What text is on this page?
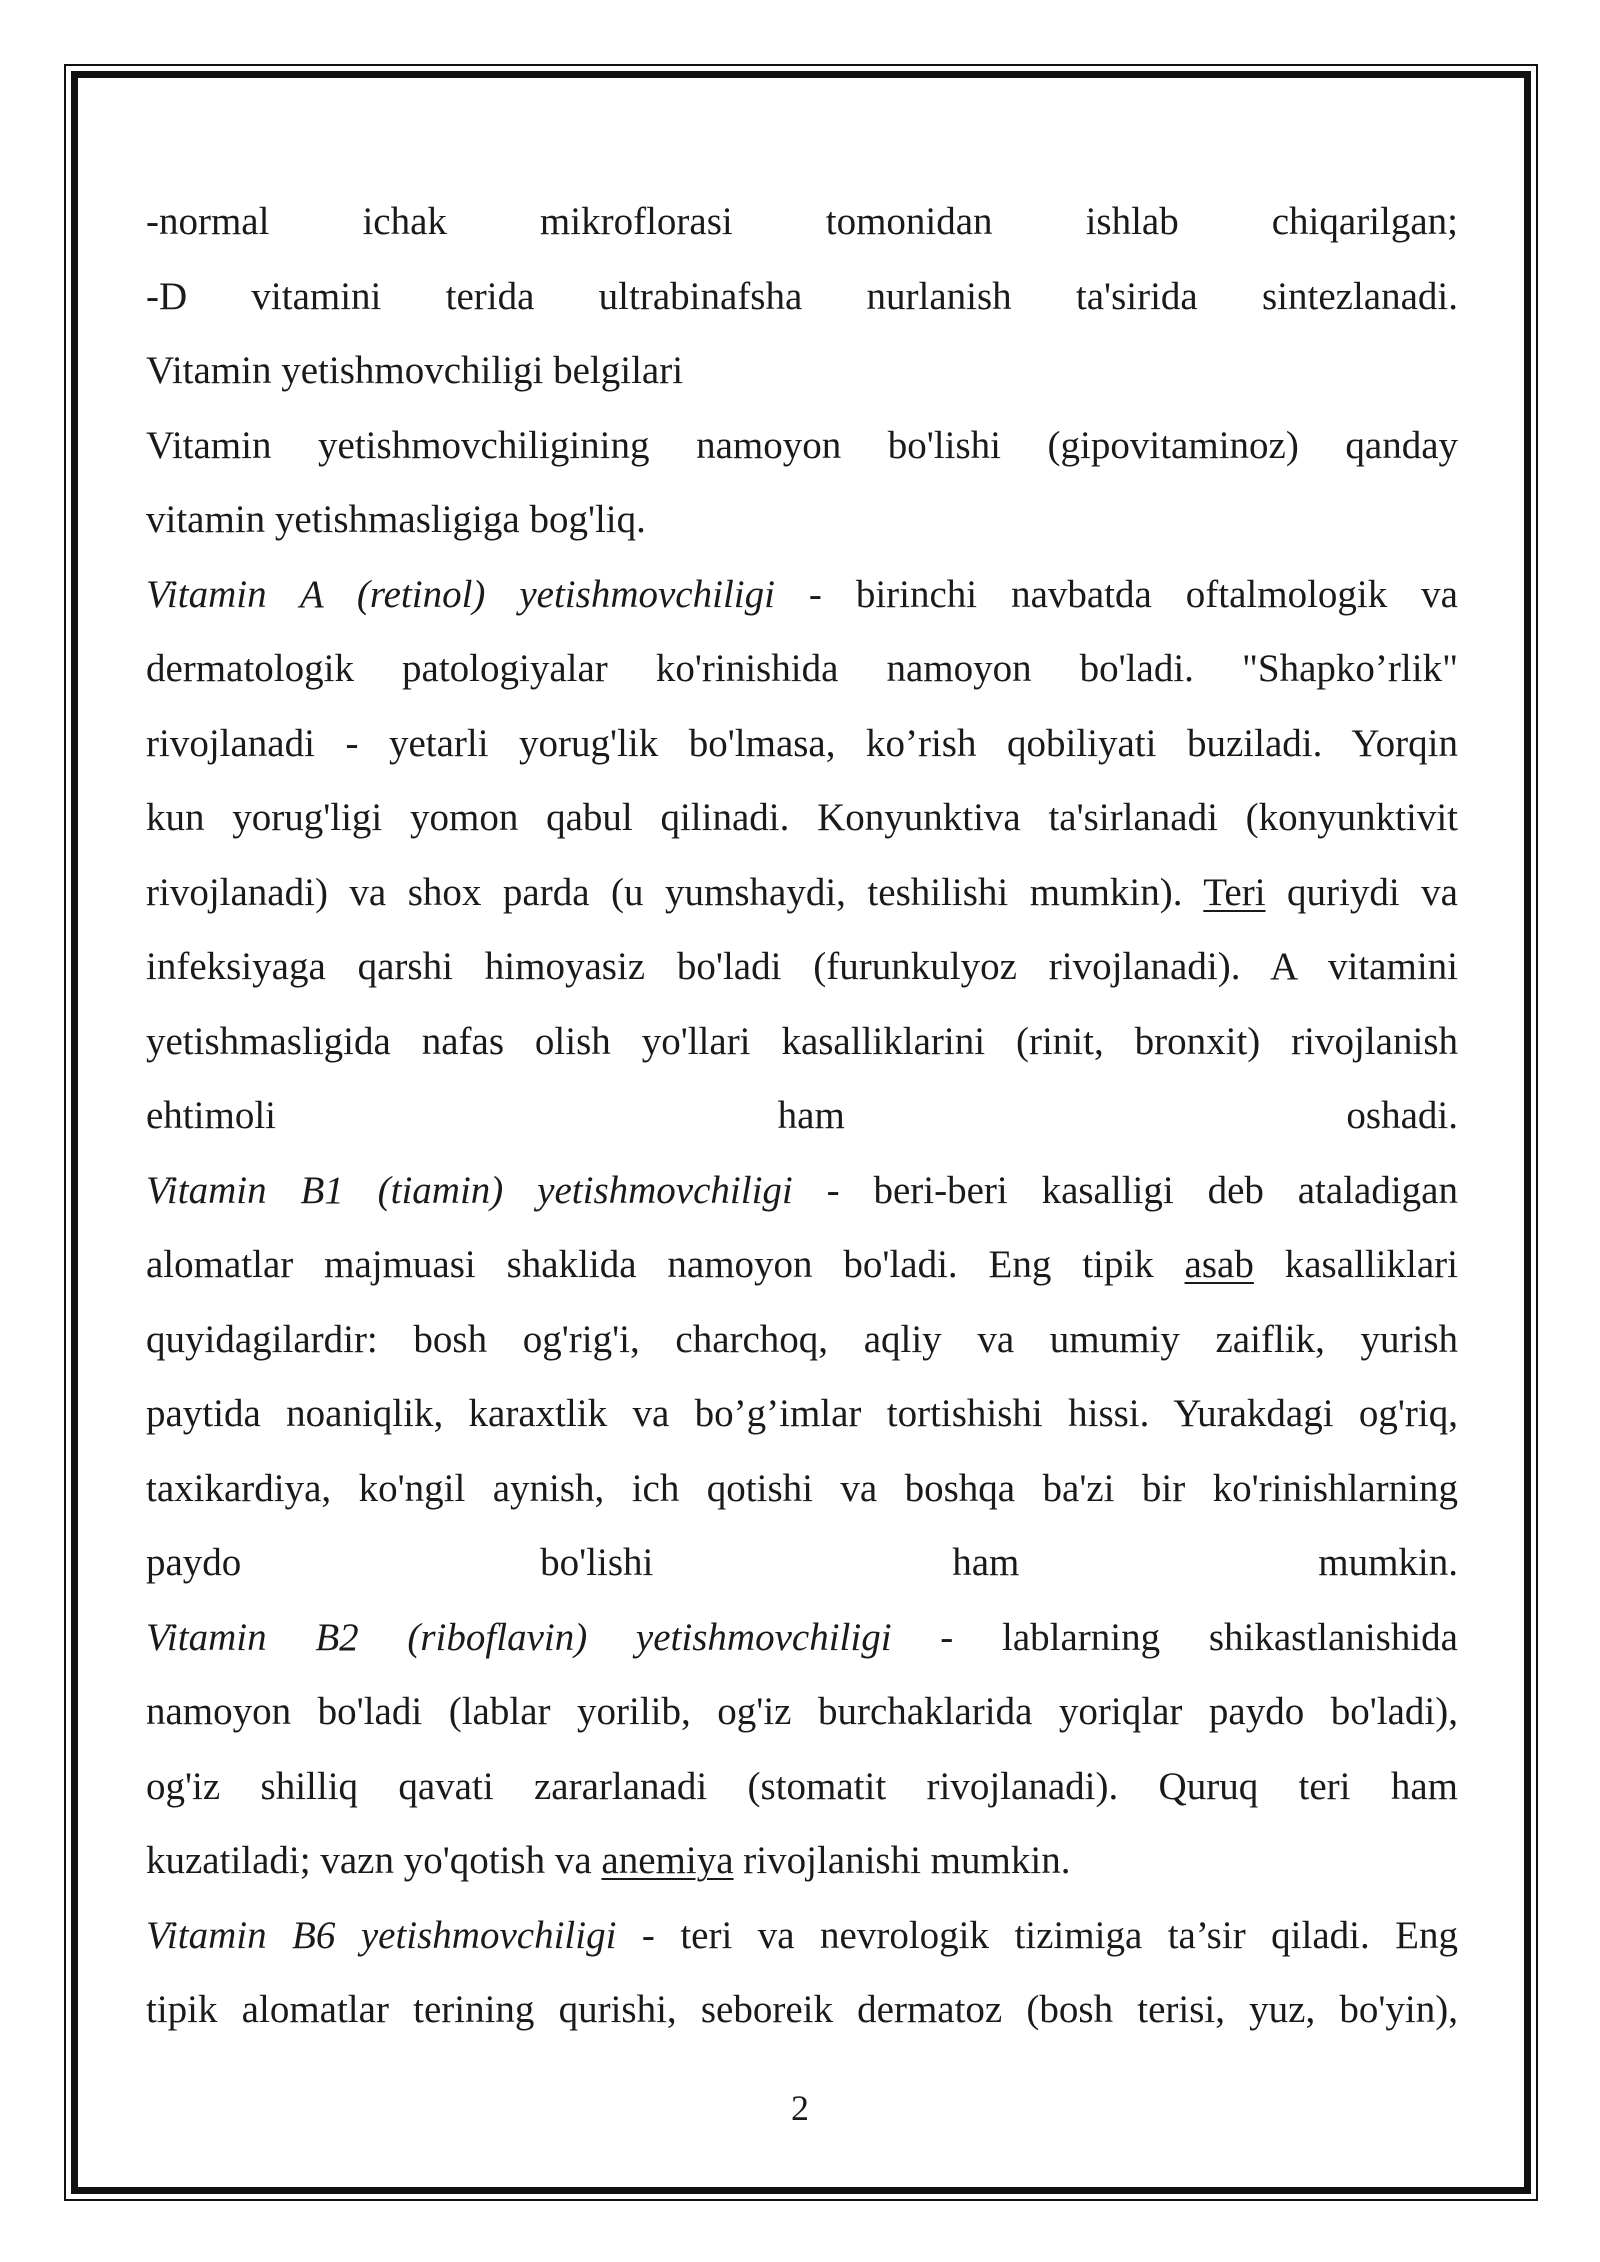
-normal ichak mikroflorasi tomonidan ishlab chiqarilgan;
-D vitamini terida ultrabinafsha nurlanish ta'sirida sintezlanadi.
Vitamin yetishmovchiligi belgilari
Vitamin yetishmovchiligining namoyon bo'lishi (gipovitaminoz) qanday
vitamin yetishmasligiga bog'liq.
Vitamin A (retinol) yetishmovchiligi - birinchi navbatda oftalmologik va
dermatologik patologiyalar ko'rinishida namoyon bo'ladi. "Shapko’rlik"
rivojlanadi - yetarli yorug'lik bo'lmasa, ko’rish qobiliyati buziladi. Yorqin
kun yorug'ligi yomon qabul qilinadi. Konyunktiva ta'sirlanadi (konyunktivit
rivojlanadi) va shox parda (u yumshaydi, teshilishi mumkin). Teri quriydi va
infeksiyaga qarshi himoyasiz bo'ladi (furunkulyoz rivojlanadi). A vitamini
yetishmasligida nafas olish yo'llari kasalliklarini (rinit, bronxit) rivojlanish
ehtimoli ham oshadi.
Vitamin B1 (tiamin) yetishmovchiligi - beri-beri kasalligi deb ataladigan
alomatlar majmuasi shaklida namoyon bo'ladi. Eng tipik asab kasalliklari
quyidagilardir: bosh og'rig'i, charchoq, aqliy va umumiy zaiflik, yurish
paytida noaniqlik, karaxtlik va bo’g’imlar tortishishi hissi. Yurakdagi og'riq,
taxikardiya, ko'ngil aynish, ich qotishi va boshqa ba'zi bir ko'rinishlarning
paydo bo'lishi ham mumkin.
Vitamin B2 (riboflavin) yetishmovchiligi - lablarning shikastlanishida
namoyon bo'ladi (lablar yorilib, og'iz burchaklarida yoriqlar paydo bo'ladi),
og'iz shilliq qavati zararlanadi (stomatit rivojlanadi). Quruq teri ham
kuzatiladi; vazn yo'qotish va anemiya rivojlanishi mumkin.
Vitamin B6 yetishmovchiligi - teri va nevrologik tizimiga ta’sir qiladi. Eng
tipik alomatlar terining qurishi, seboreik dermatoz (bosh terisi, yuz, bo'yin),
2
